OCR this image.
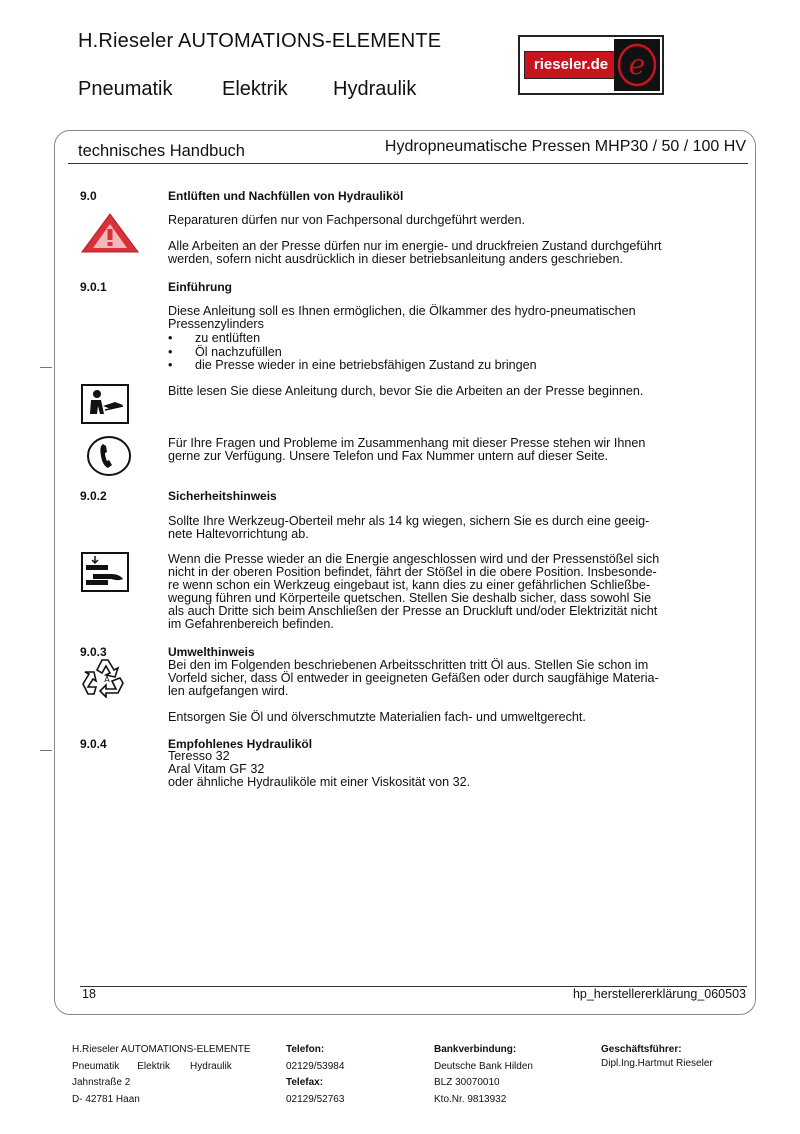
H.Rieseler AUTOMATIONS-ELEMENTE
Pneumatik Elektrik Hydraulik
rieseler.de e
technisches Handbuch	Hydropneumatische Pressen MHP30 / 50 / 100 HV
9.0	Entlüften und Nachfüllen von Hydrauliköl
Reparaturen dürfen nur von Fachpersonal durchgeführt werden.
Alle Arbeiten an der Presse dürfen nur im energie- und druckfreien Zustand durchgeführt
werden, sofern nicht ausdrücklich in dieser betriebsanleitung anders geschrieben.
9.0.1	Einführung
Diese Anleitung soll es Ihnen ermöglichen, die Ölkammer des hydro-pneumatischen
Pressenzylinders
• zu entlüften
• Öl nachzufüllen
• die Presse wieder in eine betriebsfähigen Zustand zu bringen
Bitte lesen Sie diese Anleitung durch, bevor Sie die Arbeiten an der Presse beginnen.
Für Ihre Fragen und Probleme im Zusammenhang mit dieser Presse stehen wir Ihnen
gerne zur Verfügung. Unsere Telefon und Fax Nummer untern auf dieser Seite.
9.0.2	Sicherheitshinweis
Sollte Ihre Werkzeug-Oberteil mehr als 14 kg wiegen, sichern Sie es durch eine geeig-
nete Haltevorrichtung ab.
Wenn die Presse wieder an die Energie angeschlossen wird und der Pressenstößel sich
nicht in der oberen Position befindet, fährt der Stößel in die obere Position. Insbesonde-
re wenn schon ein Werkzeug eingebaut ist, kann dies zu einer gefährlichen Schließbe-
wegung führen und Körperteile quetschen. Stellen Sie deshalb sicher, dass sowohl Sie
als auch Dritte sich beim Anschließen der Presse an Druckluft und/oder Elektrizität nicht
im Gefahrenbereich befinden.
9.0.3	Umwelthinweis
Bei den im Folgenden beschriebenen Arbeitsschritten tritt Öl aus. Stellen Sie schon im
Vorfeld sicher, dass Öl entweder in geeigneten Gefäßen oder durch saugfähige Materia-
len aufgefangen wird.
Entsorgen Sie Öl und ölverschmutzte Materialien fach- und umweltgerecht.
A
9.0.4	Empfohlenes Hydrauliköl
Teresso 32
Aral Vitam GF 32
oder ähnliche Hydrauliköle mit einer Viskosität von 32.
18	hp_herstellererklärung_060503
H.Rieseler AUTOMATIONS-ELEMENTE
Pneumatik Elektrik Hydraulik
Jahnstraße 2
D- 42781 Haan
Telefon:
02129/53984
Telefax:
02129/52763
Bankverbindung:
Deutsche Bank Hilden
BLZ 30070010
Kto.Nr. 9813932
Geschäftsführer:
Dipl.Ing.Hartmut Rieseler
